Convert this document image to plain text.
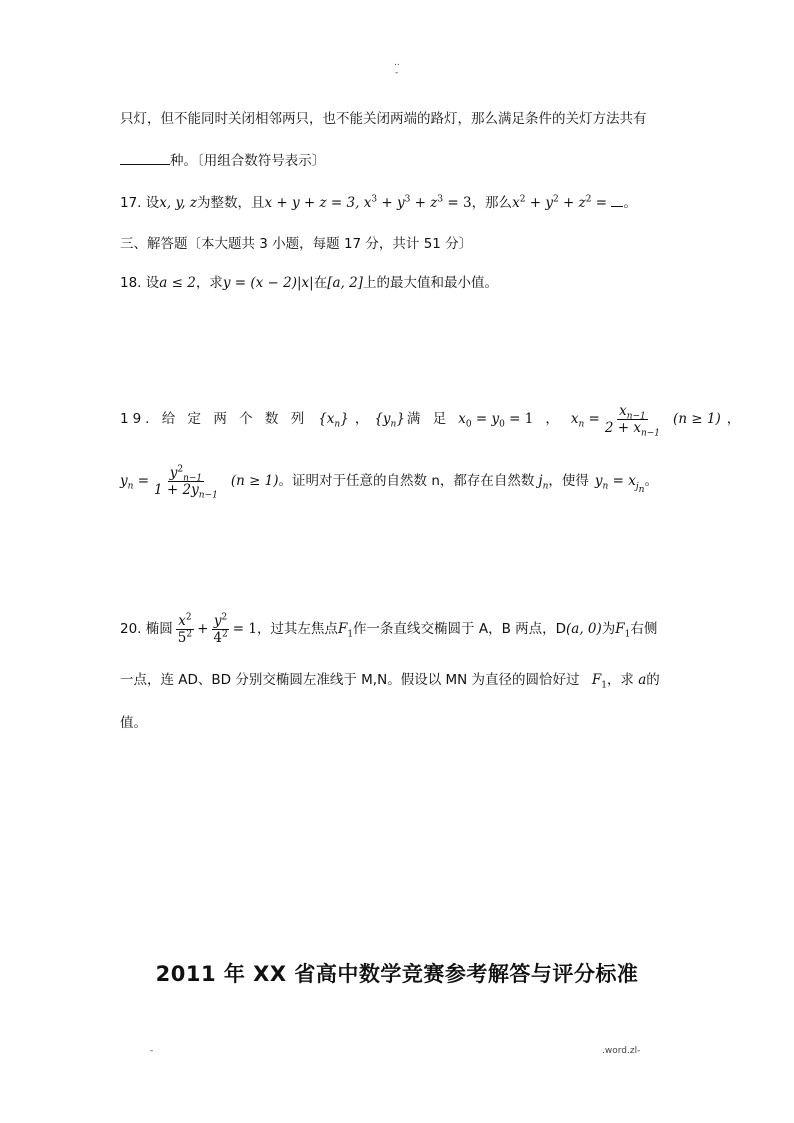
..
-
只灯，但不能同时关闭相邻两只，也不能关闭两端的路灯，那么满足条件的关灯方法共有
种。〔用组合数符号表示〕
17. 设x, y, z为整数，且x + y + z = 3, $x^3 + y^3 + z^3 = 3$，那么$x^2 + y^2 + z^2$ = 。
三、解答题〔本大题共 3 小题，每题 17 分，共计 51 分〕
18. 设a ≤ 2，求y = (x − 2)|x|在[a, 2]上的最大值和最小值。
19. 给 定 两 个 数 列 $\{x_n\}$ ， $\{y_n\}$ 满 足 $x_0 = y_0 = 1$ ， $x_n = \frac{x_{n-1}}{2 + x_{n-1}} (n \ge 1)$ ，
$y_n = \frac{y^2_{n-1}}{1 + 2y_{n-1}} (n \ge 1)$ 。证明对于任意的自然数 n，都存在自然数 $j_n$ ，使得 $y_n = x_{j_n}$
。
20. 椭圆 $\frac{x^2}{5^2} + \frac{y^2}{4^2} = 1$ ，过其左焦点 $F_1$ 作一条直线交椭圆于 A，B 两点，D (a, 0) 为 $F_1$ 右侧
一点，连 AD、BD 分别交椭圆左准线于 M,N。假设以 MN 为直径的圆恰好过 $F_1$，求 a的
值。
2011 年 XX 省高中数学竞赛参考解答与评分标准
-	.word.zl-
